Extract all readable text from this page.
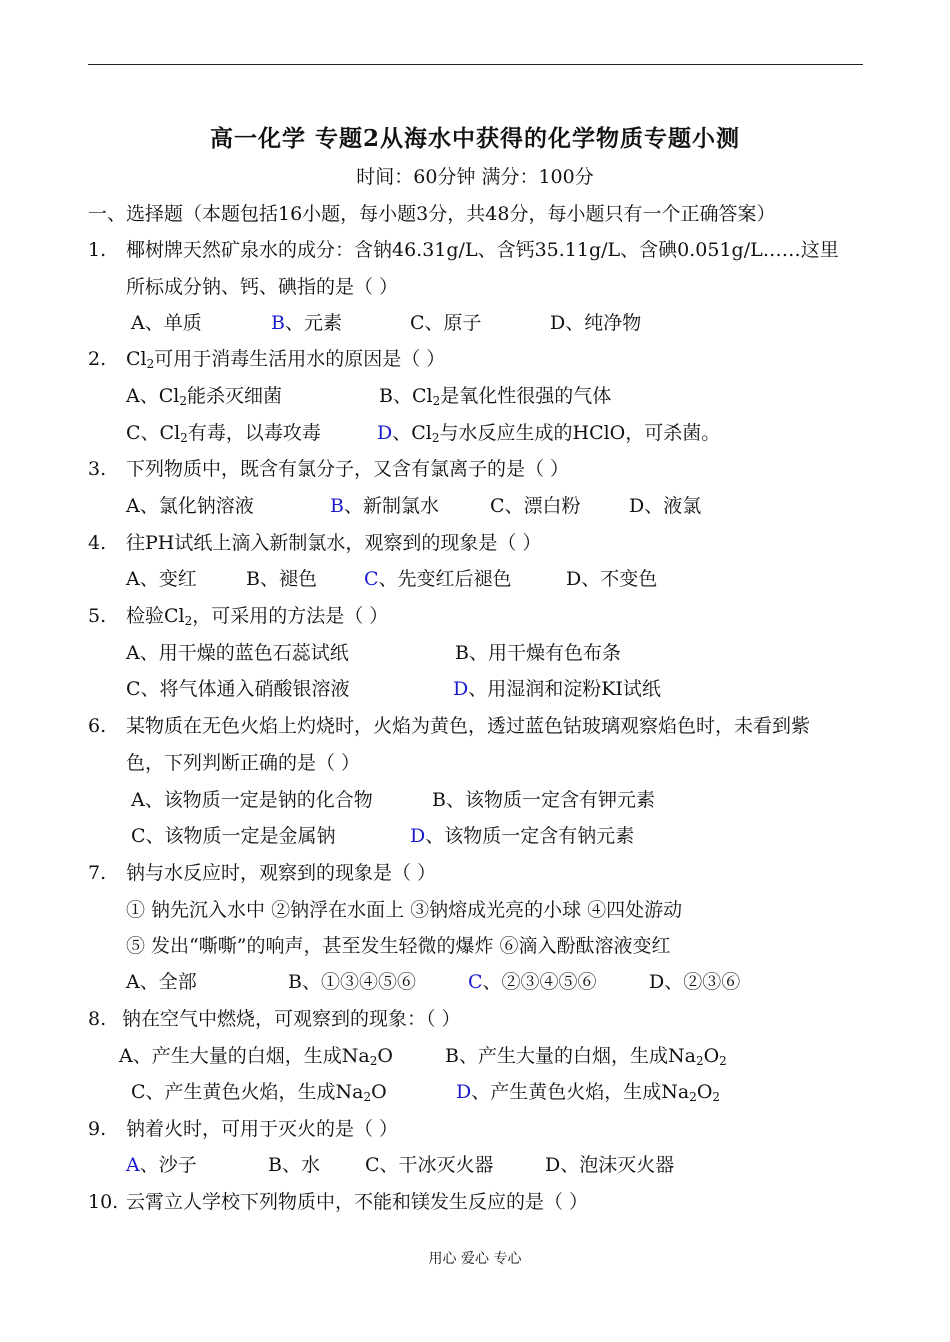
高一化学 专题2从海水中获得的化学物质专题小测
时间：60分钟 满分：100分
一、选择题（本题包括16小题，每小题3分，共48分，每小题只有一个正确答案）
1. 椰树牌天然矿泉水的成分：含钠46.31g/L、含钙35.11g/L、含碘0.051g/L……这里
所标成分钠、钙、碘指的是（ ）
A、单质	B、元素	C、原子	D、纯净物
2. $Cl_2$可用于消毒生活用水的原因是（ ）
A、$Cl_2$能杀灭细菌	B、$Cl_2$是氧化性很强的气体
C、$Cl_2$有毒，以毒攻毒	D、$Cl_2$与水反应生成的HClO，可杀菌。
3. 下列物质中，既含有氯分子，又含有氯离子的是（ ）
A、氯化钠溶液	B、新制氯水	C、漂白粉	D、液氯
4. 往PH试纸上滴入新制氯水，观察到的现象是（ ）
A、变红	B、褪色 C、先变红后褪色	D、不变色
5. 检验$Cl_2$，可采用的方法是（ ）
A、用干燥的蓝色石蕊试纸	B、用干燥有色布条
C、将气体通入硝酸银溶液	D、用湿润和淀粉KI试纸
6. 某物质在无色火焰上灼烧时，火焰为黄色，透过蓝色钴玻璃观察焰色时，未看到紫
色，下列判断正确的是（ ）
A、该物质一定是钠的化合物	B、该物质一定含有钾元素
C、该物质一定是金属钠	D、该物质一定含有钠元素
7. 钠与水反应时，观察到的现象是（ ）
① 钠先沉入水中 ②钠浮在水面上 ③钠熔成光亮的小球 ④四处游动
⑤ 发出“嘶嘶”的响声，甚至发生轻微的爆炸 ⑥滴入酚酞溶液变红
A、全部	B、①③④⑤⑥	C、②③④⑤⑥	D、②③⑥
8. 钠在空气中燃烧，可观察到的现象：（ ）
A、产生大量的白烟，生成$Na_2O$	B、产生大量的白烟，生成$Na_2O_2$
C、产生黄色火焰，生成$Na_2O$	D、产生黄色火焰，生成$Na_2O_2$
9. 钠着火时，可用于灭火的是（ ）
A、沙子	B、水 C、干冰灭火器	D、泡沫灭火器
10. 云霄立人学校下列物质中，不能和镁发生反应的是（ ）
用心 爱心 专心
